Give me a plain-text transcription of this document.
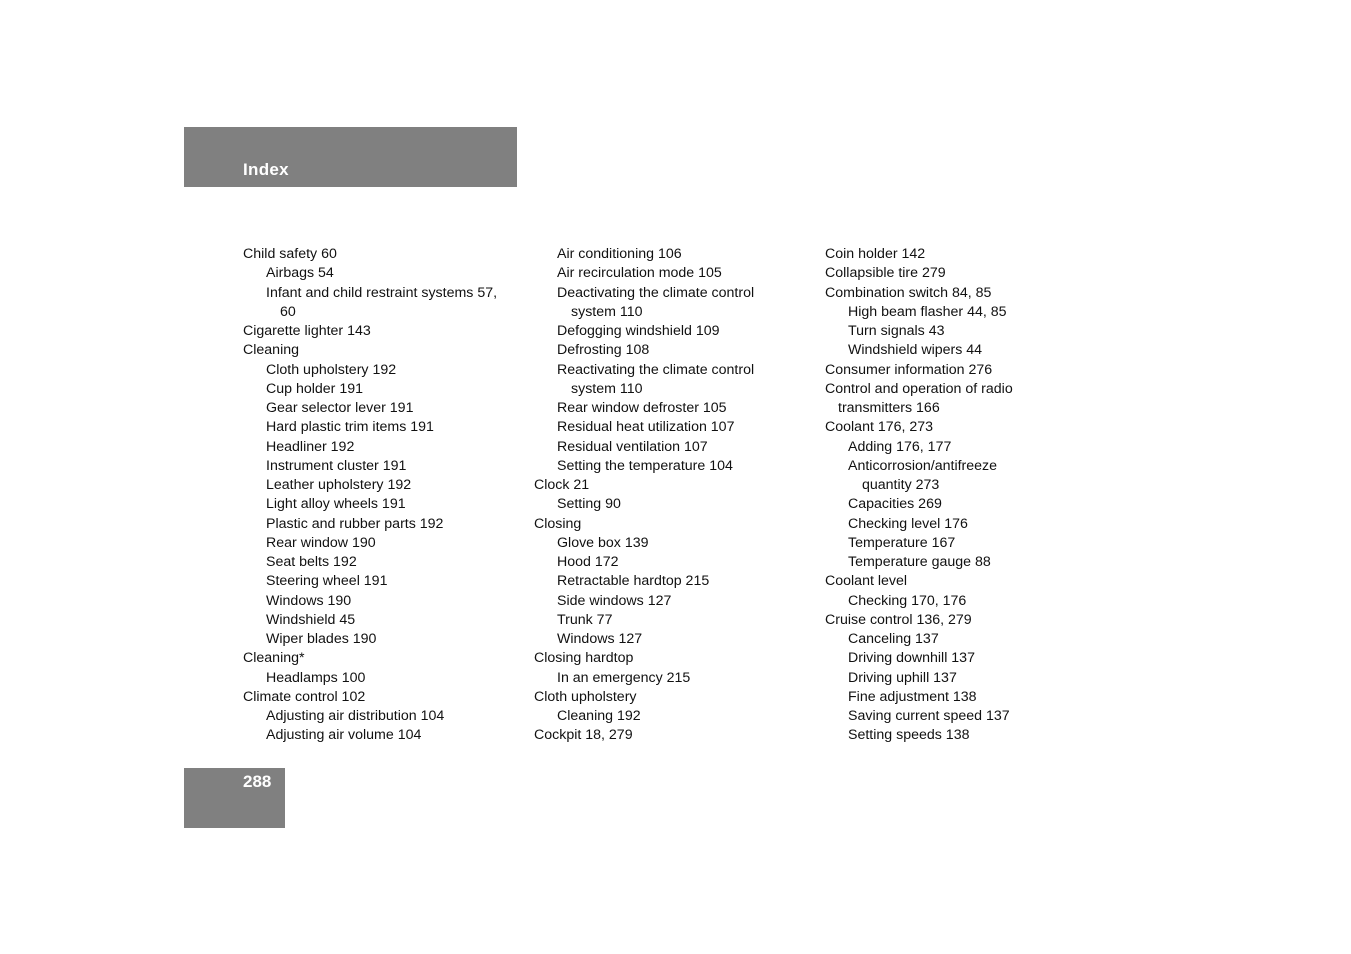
Index
Child safety 60
Airbags 54
Infant and child restraint systems 57,
60
Cigarette lighter 143
Cleaning
Cloth upholstery 192
Cup holder 191
Gear selector lever 191
Hard plastic trim items 191
Headliner 192
Instrument cluster 191
Leather upholstery 192
Light alloy wheels 191
Plastic and rubber parts 192
Rear window 190
Seat belts 192
Steering wheel 191
Windows 190
Windshield 45
Wiper blades 190
Cleaning*
Headlamps 100
Climate control 102
Adjusting air distribution 104
Adjusting air volume 104
Air conditioning 106
Air recirculation mode 105
Deactivating the climate control
system 110
Defogging windshield 109
Defrosting 108
Reactivating the climate control
system 110
Rear window defroster 105
Residual heat utilization 107
Residual ventilation 107
Setting the temperature 104
Clock 21
Setting 90
Closing
Glove box 139
Hood 172
Retractable hardtop 215
Side windows 127
Trunk 77
Windows 127
Closing hardtop
In an emergency 215
Cloth upholstery
Cleaning 192
Cockpit 18, 279
Coin holder 142
Collapsible tire 279
Combination switch 84, 85
High beam flasher 44, 85
Turn signals 43
Windshield wipers 44
Consumer information 276
Control and operation of radio
transmitters 166
Coolant 176, 273
Adding 176, 177
Anticorrosion/antifreeze
quantity 273
Capacities 269
Checking level 176
Temperature 167
Temperature gauge 88
Coolant level
Checking 170, 176
Cruise control 136, 279
Canceling 137
Driving downhill 137
Driving uphill 137
Fine adjustment 138
Saving current speed 137
Setting speeds 138
288
